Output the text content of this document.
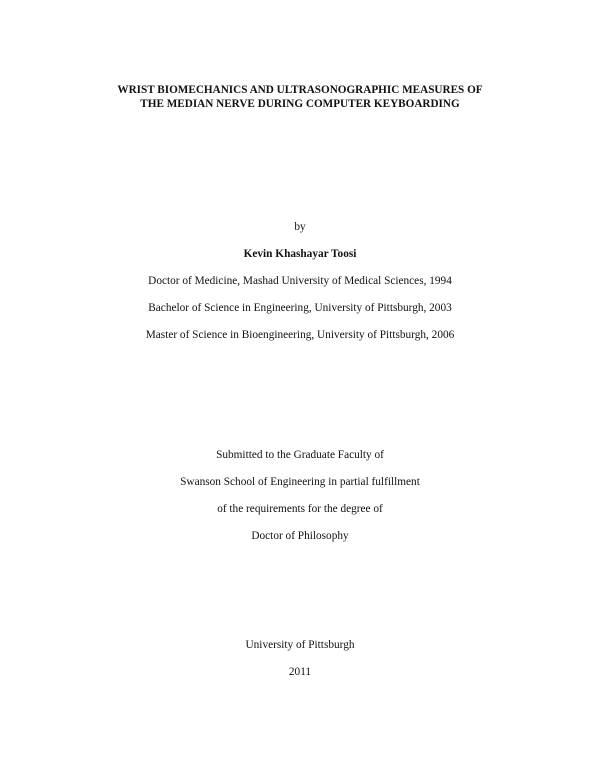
WRIST BIOMECHANICS AND ULTRASONOGRAPHIC MEASURES OF
THE MEDIAN NERVE DURING COMPUTER KEYBOARDING
by
Kevin Khashayar Toosi
Doctor of Medicine, Mashad University of Medical Sciences, 1994
Bachelor of Science in Engineering, University of Pittsburgh, 2003
Master of Science in Bioengineering, University of Pittsburgh, 2006
Submitted to the Graduate Faculty of
Swanson School of Engineering in partial fulfillment
of the requirements for the degree of
Doctor of Philosophy
University of Pittsburgh
2011
